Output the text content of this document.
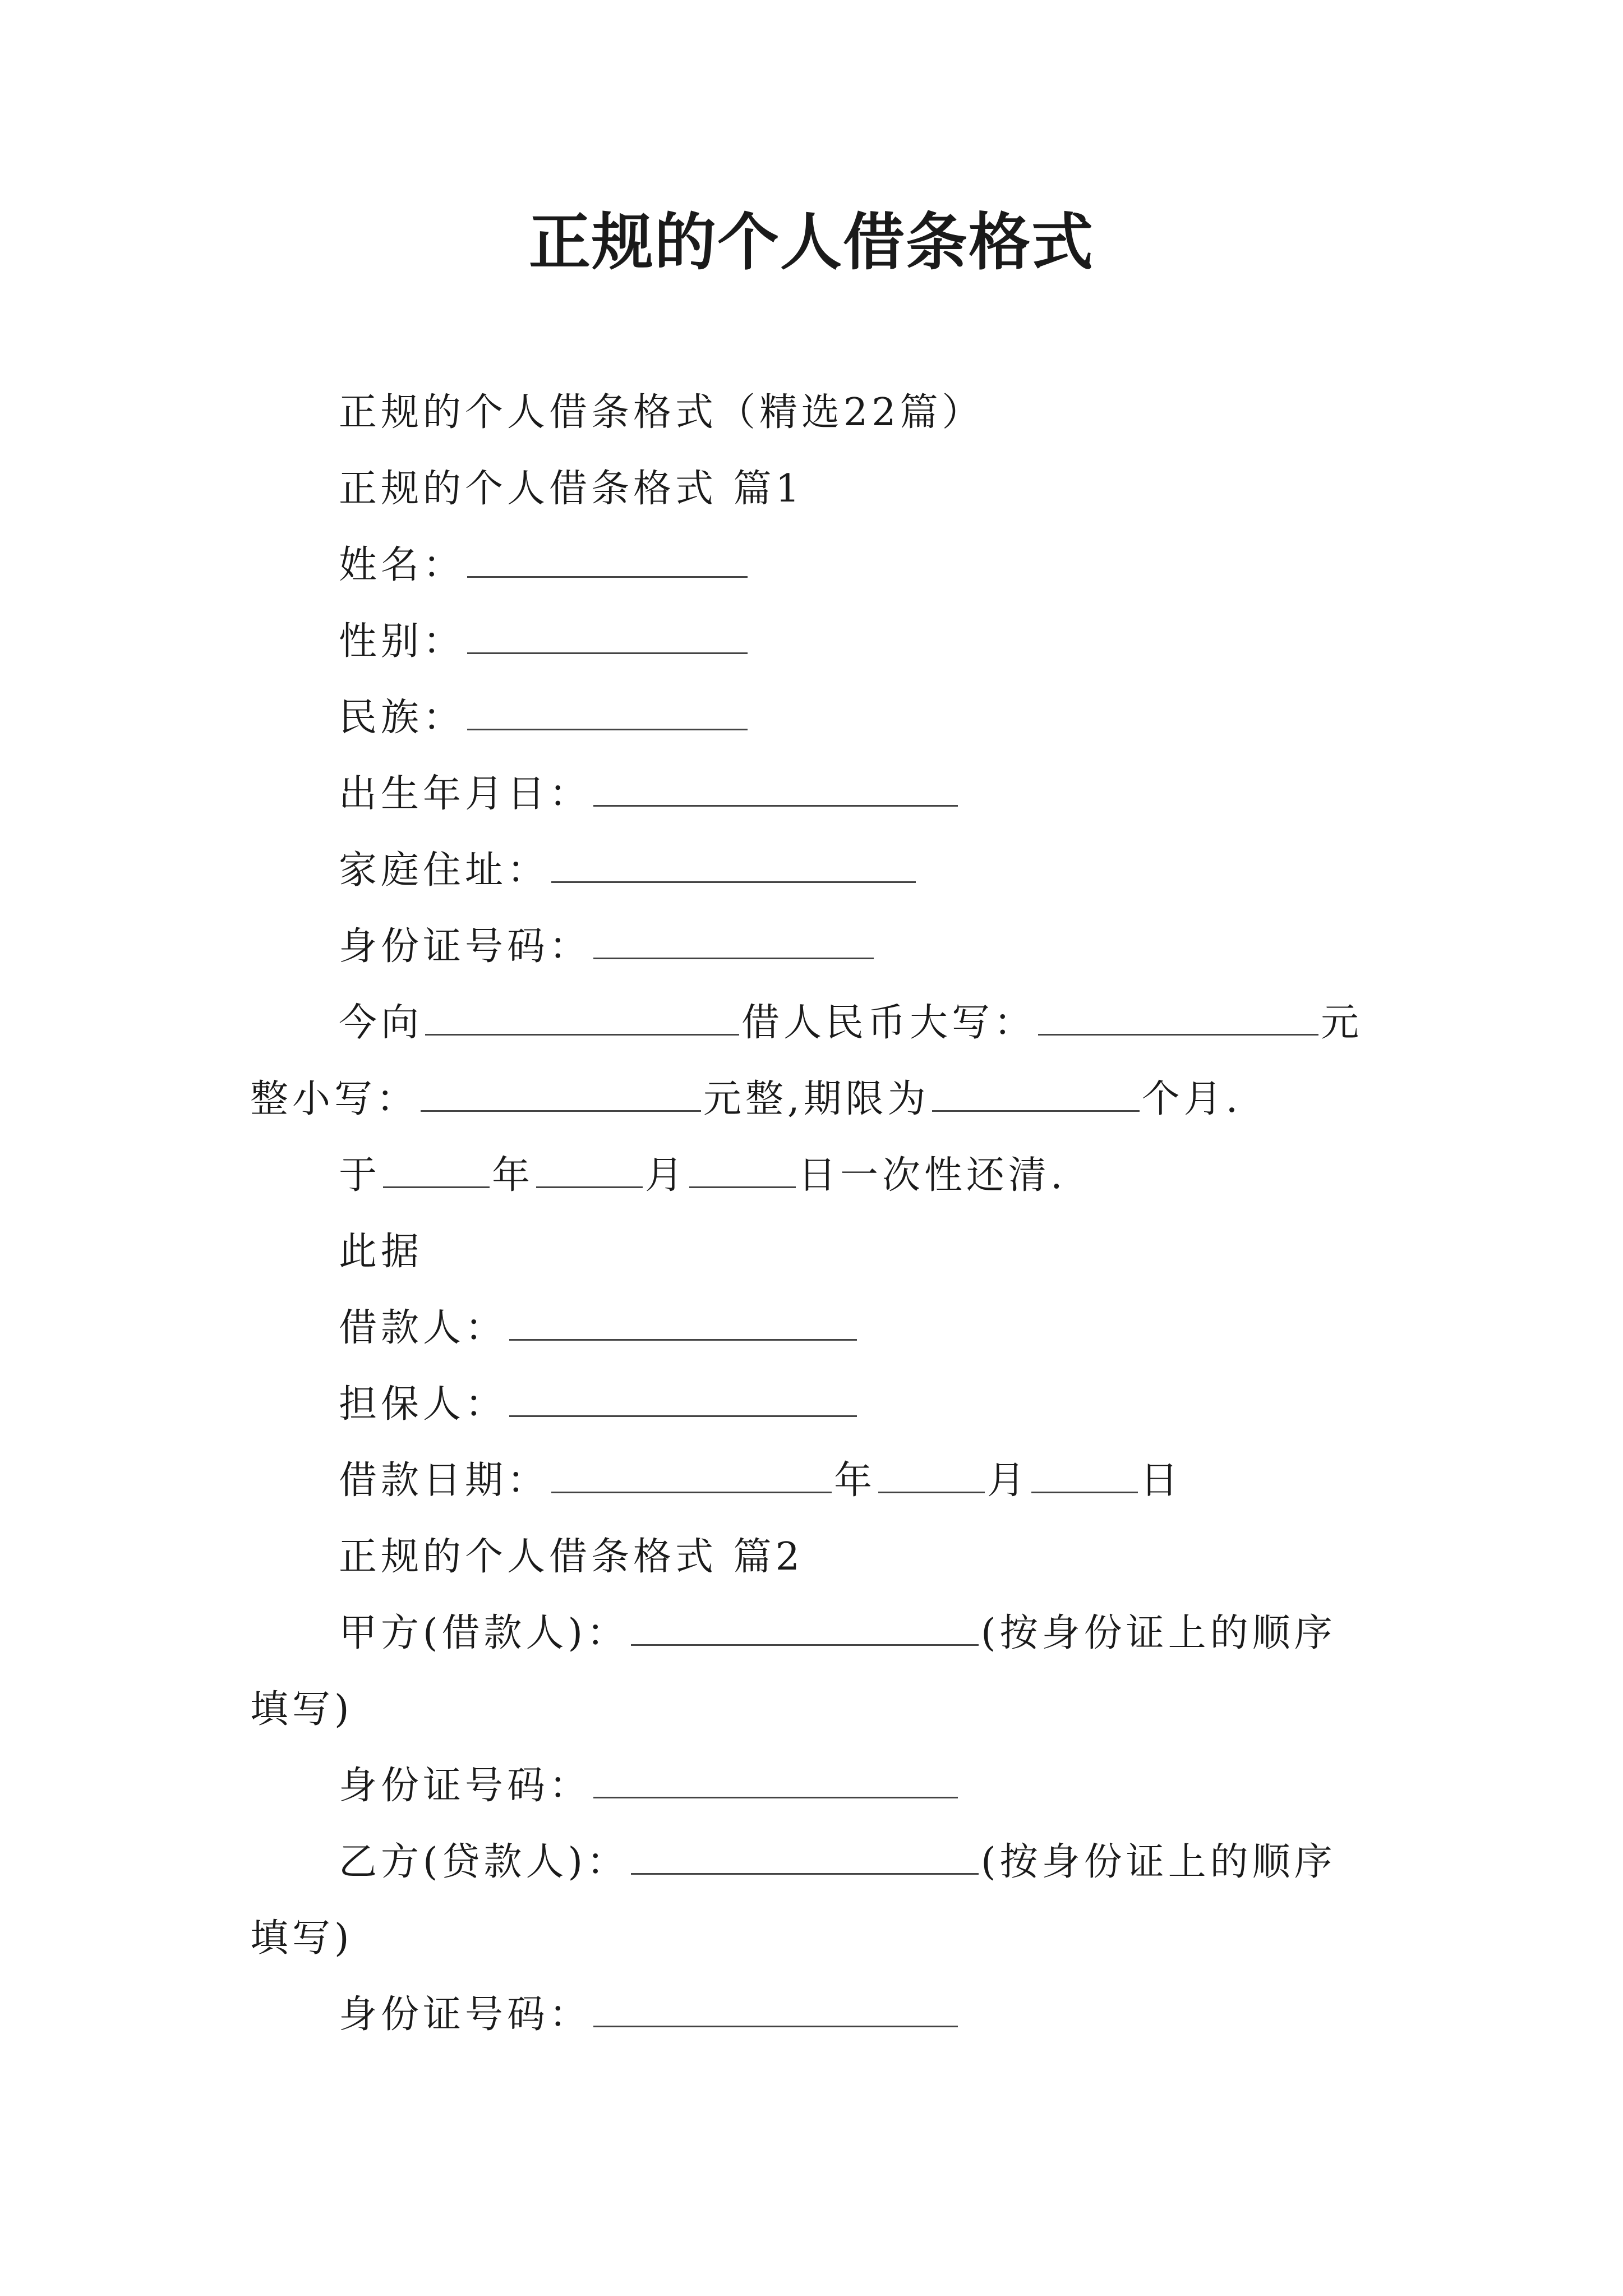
正规的个人借条格式
正规的个人借条格式（精选22篇）
正规的个人借条格式 篇1
姓名：
性别：
民族：
出生年月日：
家庭住址：
身份证号码：
今向	借人民币大写：	元
整小写：	元整,期限为	个月.
于	年	月	日一次性还清.
此据
借款人：
担保人：
借款日期：	年	月	日
正规的个人借条格式 篇2
甲方(借款人)：	(按身份证上的顺序
填写)
身份证号码：
乙方(贷款人)：	(按身份证上的顺序
填写)
身份证号码：
